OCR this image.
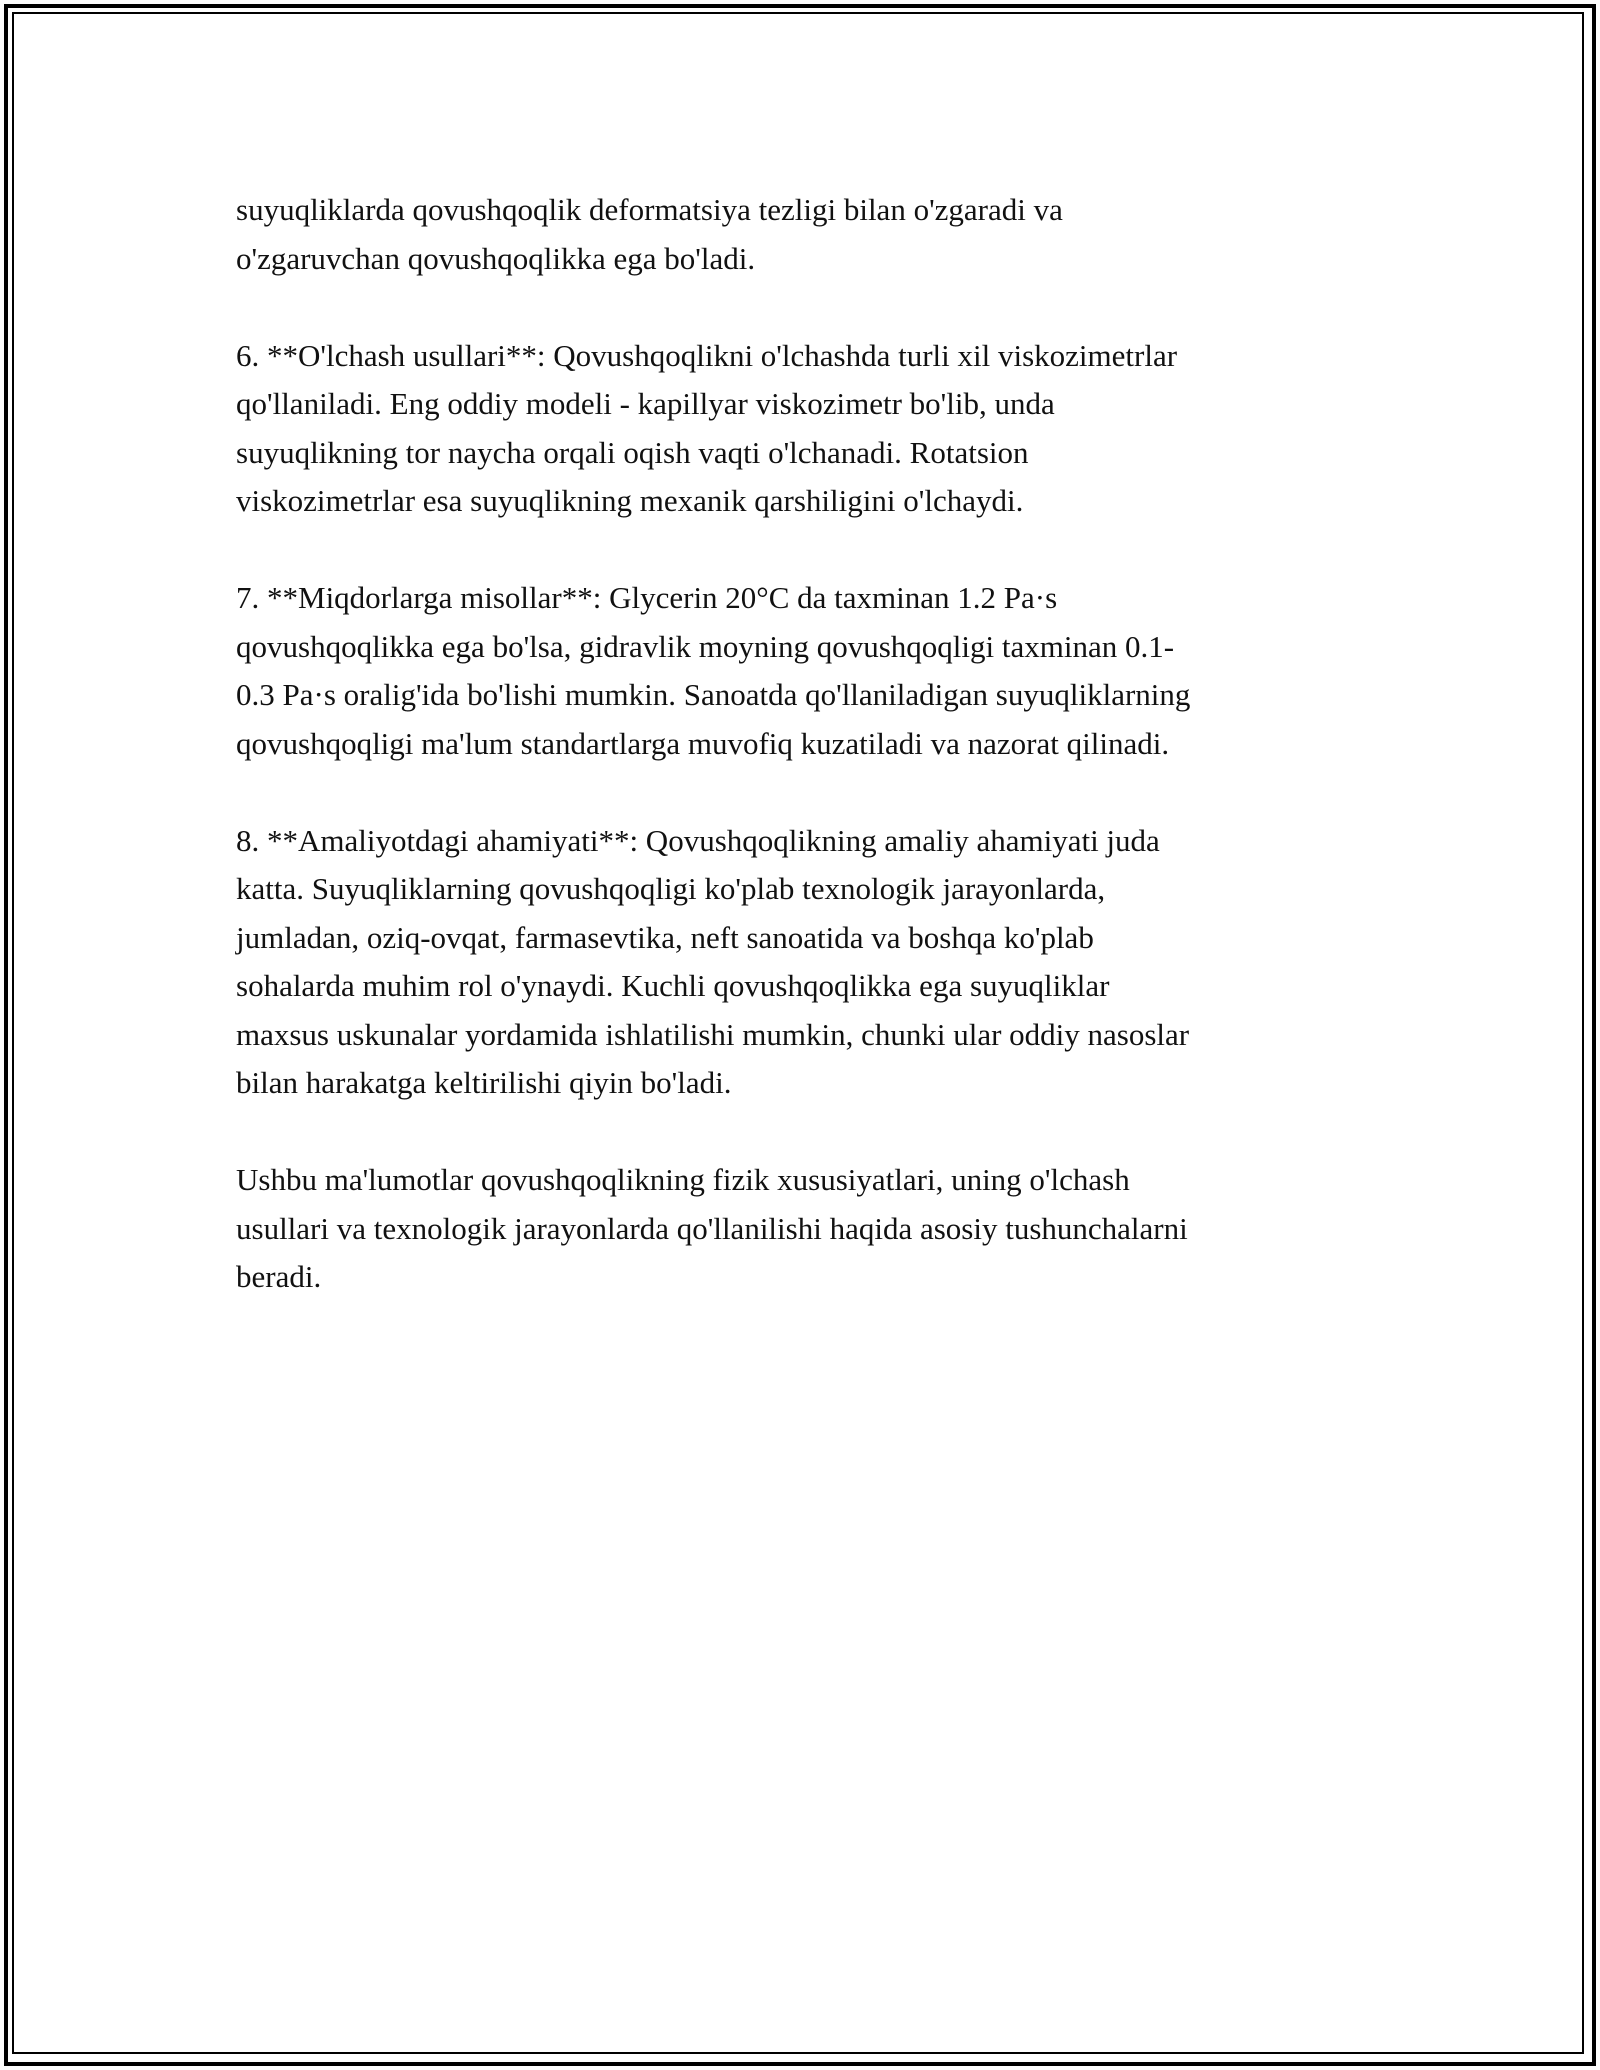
suyuqliklarda qovushqoqlik deformatsiya tezligi bilan o'zgaradi va
o'zgaruvchan qovushqoqlikka ega bo'ladi.

6. **O'lchash usullari**: Qovushqoqlikni o'lchashda turli xil viskozimetrlar
qo'llaniladi. Eng oddiy modeli - kapillyar viskozimetr bo'lib, unda
suyuqlikning tor naycha orqali oqish vaqti o'lchanadi. Rotatsion
viskozimetrlar esa suyuqlikning mexanik qarshiligini o'lchaydi.

7. **Miqdorlarga misollar**: Glycerin 20°C da taxminan 1.2 Pa·s
qovushqoqlikka ega bo'lsa, gidravlik moyning qovushqoqligi taxminan 0.1-
0.3 Pa·s oralig'ida bo'lishi mumkin. Sanoatda qo'llaniladigan suyuqliklarning
qovushqoqligi ma'lum standartlarga muvofiq kuzatiladi va nazorat qilinadi.

8. **Amaliyotdagi ahamiyati**: Qovushqoqlikning amaliy ahamiyati juda
katta. Suyuqliklarning qovushqoqligi ko'plab texnologik jarayonlarda,
jumladan, oziq-ovqat, farmasevtika, neft sanoatida va boshqa ko'plab
sohalarda muhim rol o'ynaydi. Kuchli qovushqoqlikka ega suyuqliklar
maxsus uskunalar yordamida ishlatilishi mumkin, chunki ular oddiy nasoslar
bilan harakatga keltirilishi qiyin bo'ladi.

Ushbu ma'lumotlar qovushqoqlikning fizik xususiyatlari, uning o'lchash
usullari va texnologik jarayonlarda qo'llanilishi haqida asosiy tushunchalarni
beradi.
